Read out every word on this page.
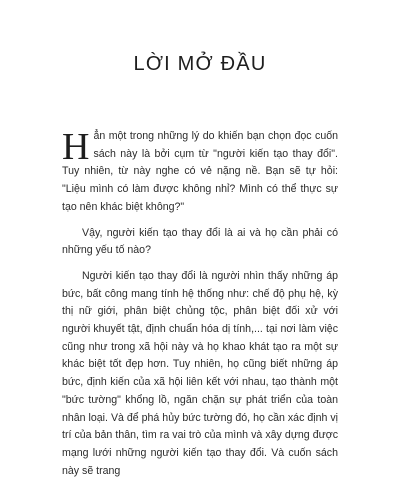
LỜI MỞ ĐẦU

Hẳn một trong những lý do khiến bạn chọn đọc cuốn sách này là bởi cụm từ "người kiến tạo thay đổi". Tuy nhiên, từ này nghe có vẻ nặng nề. Bạn sẽ tự hỏi: "Liệu mình có làm được không nhỉ? Mình có thể thực sự tạo nên khác biệt không?"

Vậy, người kiến tạo thay đổi là ai và họ cần phải có những yếu tố nào?

Người kiến tạo thay đổi là người nhìn thấy những áp bức, bất công mang tính hệ thống như: chế độ phụ hệ, kỳ thị nữ giới, phân biệt chủng tộc, phân biệt đối xử với người khuyết tật, định chuẩn hóa dị tính,... tại nơi làm việc cũng như trong xã hội này và họ khao khát tạo ra một sự khác biệt tốt đẹp hơn. Tuy nhiên, họ cũng biết những áp bức, định kiến của xã hội liên kết với nhau, tạo thành một "bức tường" khổng lồ, ngăn chặn sự phát triển của toàn nhân loại. Và để phá hủy bức tường đó, họ cần xác định vị trí của bản thân, tìm ra vai trò của mình và xây dựng được mạng lưới những người kiến tạo thay đổi. Và cuốn sách này sẽ trang
